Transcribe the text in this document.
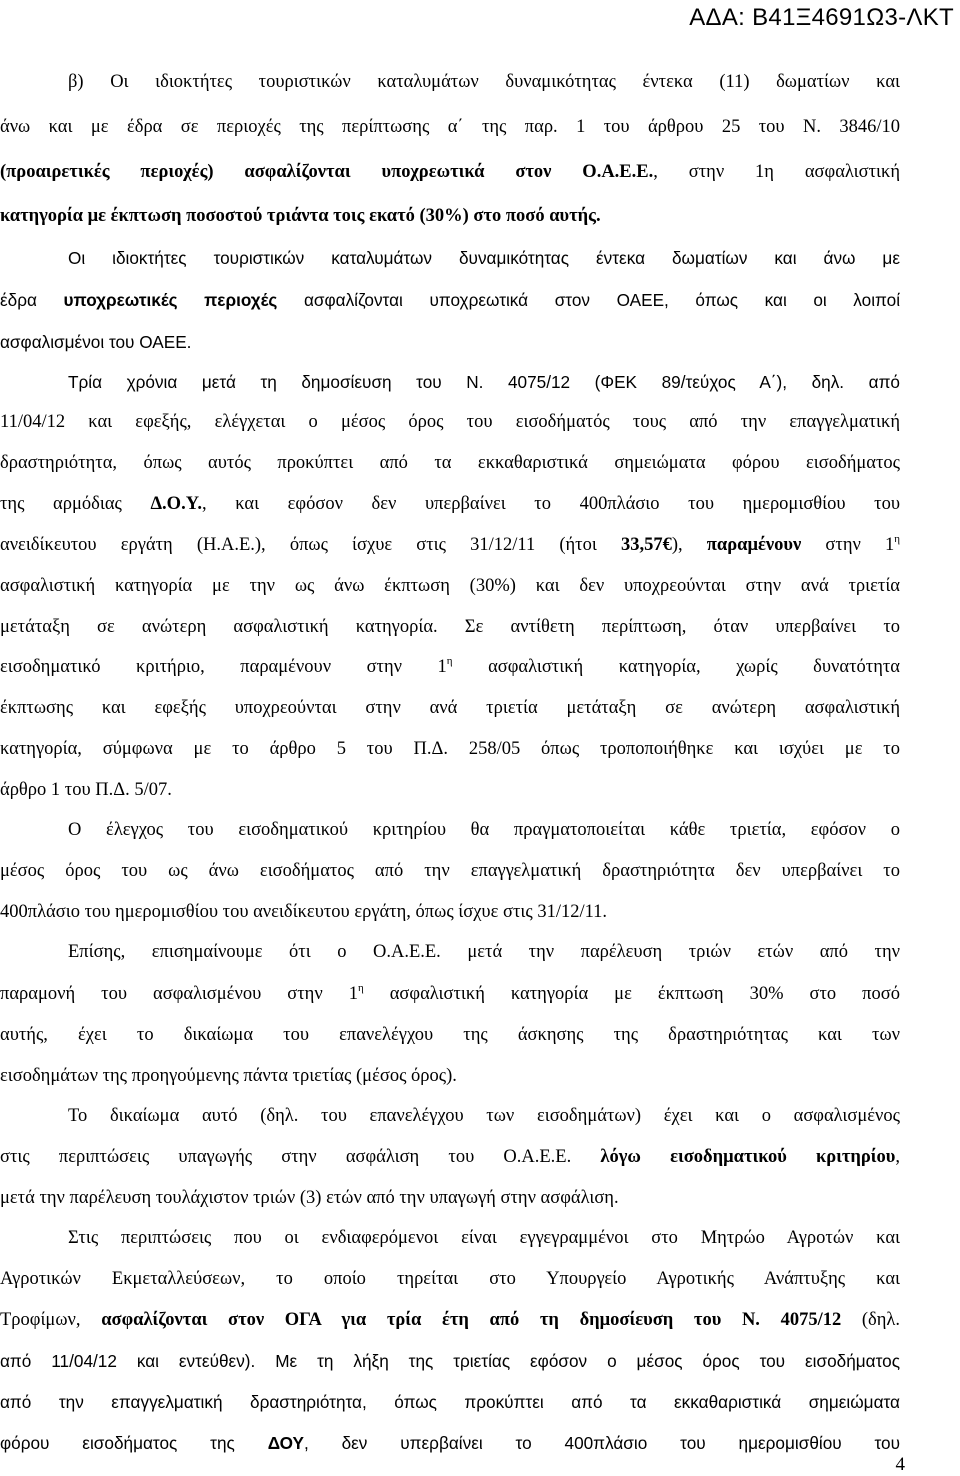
ΑΔΑ: Β41Ξ4691Ω3-ΛΚΤ
β) Οι ιδιοκτήτες τουριστικών καταλυμάτων δυναμικότητας έντεκα (11) δωματίων και
άνω και με έδρα σε περιοχές της περίπτωσης α΄ της παρ. 1 του άρθρου 25 του Ν. 3846/10
(προαιρετικές περιοχές) ασφαλίζονται υποχρεωτικά στον Ο.Α.Ε.Ε., στην 1η ασφαλιστική
κατηγορία με έκπτωση ποσοστού τριάντα τοις εκατό (30%) στο ποσό αυτής.
Οι ιδιοκτήτες τουριστικών καταλυμάτων δυναμικότητας έντεκα δωματίων και άνω με
έδρα υποχρεωτικές περιοχές ασφαλίζονται υποχρεωτικά στον ΟΑΕΕ, όπως και οι λοιποί
ασφαλισμένοι του ΟΑΕΕ.
Τρία χρόνια μετά τη δημοσίευση του Ν. 4075/12 (ΦΕΚ 89/τεύχος Α΄), δηλ. από
11/04/12 και εφεξής, ελέγχεται ο μέσος όρος του εισοδήματός τους από την επαγγελματική
δραστηριότητα, όπως αυτός προκύπτει από τα εκκαθαριστικά σημειώματα φόρου εισοδήματος
της αρμόδιας Δ.Ο.Υ., και εφόσον δεν υπερβαίνει το 400πλάσιο του ημερομισθίου του
ανειδίκευτου εργάτη (Η.Α.Ε.), όπως ίσχυε στις 31/12/11 (ήτοι 33,57€), παραμένουν στην $1^\eta$
ασφαλιστική κατηγορία με την ως άνω έκπτωση (30%) και δεν υποχρεούνται στην ανά τριετία
μετάταξη σε ανώτερη ασφαλιστική κατηγορία. Σε αντίθετη περίπτωση, όταν υπερβαίνει το
εισοδηματικό κριτήριο, παραμένουν στην $1^\eta$ ασφαλιστική κατηγορία, χωρίς δυνατότητα
έκπτωσης και εφεξής υποχρεούνται στην ανά τριετία μετάταξη σε ανώτερη ασφαλιστική
κατηγορία, σύμφωνα με το άρθρο 5 του Π.Δ. 258/05 όπως τροποποιήθηκε και ισχύει με το
άρθρο 1 του Π.Δ. 5/07.
Ο έλεγχος του εισοδηματικού κριτηρίου θα πραγματοποιείται κάθε τριετία, εφόσον ο
μέσος όρος του ως άνω εισοδήματος από την επαγγελματική δραστηριότητα δεν υπερβαίνει το
400πλάσιο του ημερομισθίου του ανειδίκευτου εργάτη, όπως ίσχυε στις 31/12/11.
Επίσης, επισημαίνουμε ότι ο Ο.Α.Ε.Ε. μετά την παρέλευση τριών ετών από την
παραμονή του ασφαλισμένου στην $1^\eta$ ασφαλιστική κατηγορία με έκπτωση 30% στο ποσό
αυτής, έχει το δικαίωμα του επανελέγχου της άσκησης της δραστηριότητας και των
εισοδημάτων της προηγούμενης πάντα τριετίας (μέσος όρος).
Το δικαίωμα αυτό (δηλ. του επανελέγχου των εισοδημάτων) έχει και ο ασφαλισμένος
στις περιπτώσεις υπαγωγής στην ασφάλιση του Ο.Α.Ε.Ε. λόγω εισοδηματικού κριτηρίου,
μετά την παρέλευση τουλάχιστον τριών (3) ετών από την υπαγωγή στην ασφάλιση.
Στις περιπτώσεις που οι ενδιαφερόμενοι είναι εγγεγραμμένοι στο Μητρώο Αγροτών και
Αγροτικών Εκμεταλλεύσεων, το οποίο τηρείται στο Υπουργείο Αγροτικής Ανάπτυξης και
Τροφίμων, ασφαλίζονται στον ΟΓΑ για τρία έτη από τη δημοσίευση του Ν. 4075/12 (δηλ.
από 11/04/12 και εντεύθεν). Με τη λήξη της τριετίας εφόσον ο μέσος όρος του εισοδήματος
από την επαγγελματική δραστηριότητα, όπως προκύπτει από τα εκκαθαριστικά σημειώματα
φόρου εισοδήματος της ΔΟΥ, δεν υπερβαίνει το 400πλάσιο του ημερομισθίου του
4
